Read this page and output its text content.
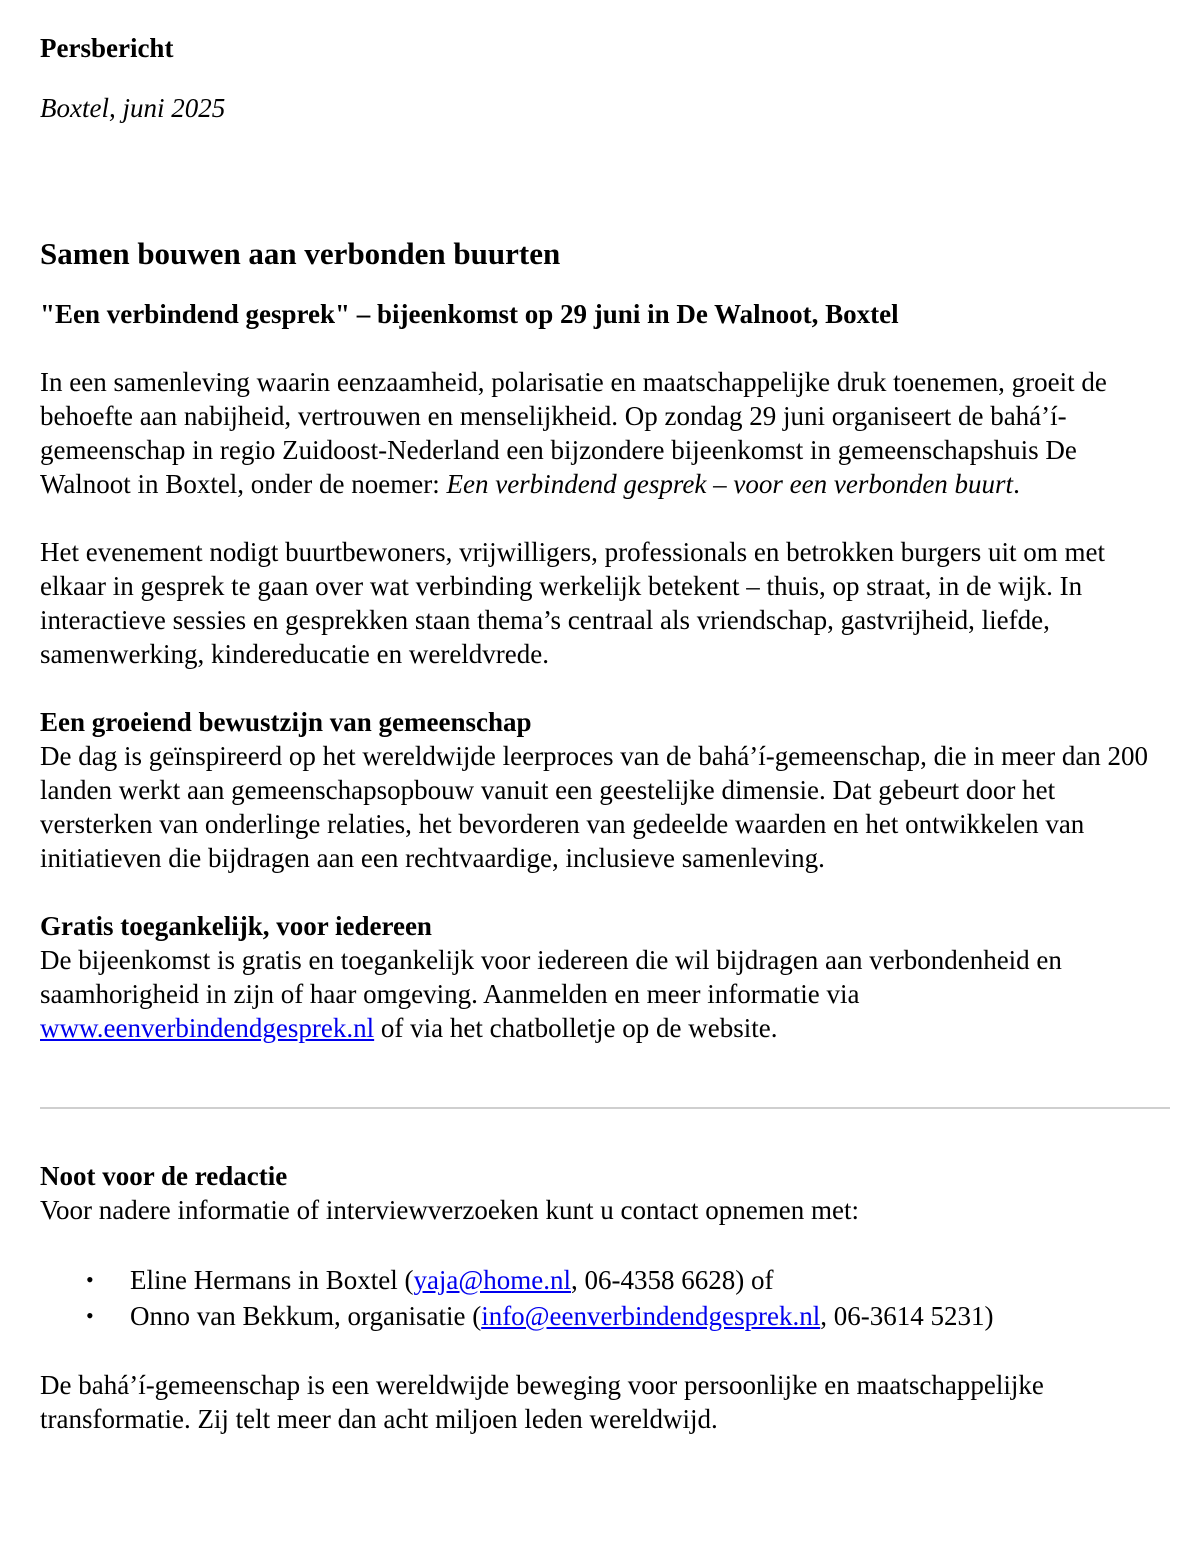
Persbericht

Boxtel, juni 2025

Samen bouwen aan verbonden buurten

"Een verbindend gesprek" – bijeenkomst op 29 juni in De Walnoot, Boxtel

In een samenleving waarin eenzaamheid, polarisatie en maatschappelijke druk toenemen, groeit de behoefte aan nabijheid, vertrouwen en menselijkheid. Op zondag 29 juni organiseert de bahá’í-gemeenschap in regio Zuidoost-Nederland een bijzondere bijeenkomst in gemeenschapshuis De Walnoot in Boxtel, onder de noemer: Een verbindend gesprek – voor een verbonden buurt.

Het evenement nodigt buurtbewoners, vrijwilligers, professionals en betrokken burgers uit om met elkaar in gesprek te gaan over wat verbinding werkelijk betekent – thuis, op straat, in de wijk. In interactieve sessies en gesprekken staan thema’s centraal als vriendschap, gastvrijheid, liefde, samenwerking, kindereducatie en wereldvrede.

Een groeiend bewustzijn van gemeenschap

De dag is geïnspireerd op het wereldwijde leerproces van de bahá’í-gemeenschap, die in meer dan 200 landen werkt aan gemeenschapsopbouw vanuit een geestelijke dimensie. Dat gebeurt door het versterken van onderlinge relaties, het bevorderen van gedeelde waarden en het ontwikkelen van initiatieven die bijdragen aan een rechtvaardige, inclusieve samenleving.

Gratis toegankelijk, voor iedereen

De bijeenkomst is gratis en toegankelijk voor iedereen die wil bijdragen aan verbondenheid en saamhorigheid in zijn of haar omgeving. Aanmelden en meer informatie via www.eenverbindendgesprek.nl of via het chatbolletje op de website.

Noot voor de redactie

Voor nadere informatie of interviewverzoeken kunt u contact opnemen met:

• Eline Hermans in Boxtel (yaja@home.nl, 06-4358 6628) of
• Onno van Bekkum, organisatie (info@eenverbindendgesprek.nl, 06-3614 5231)

De bahá’í-gemeenschap is een wereldwijde beweging voor persoonlijke en maatschappelijke transformatie. Zij telt meer dan acht miljoen leden wereldwijd.
